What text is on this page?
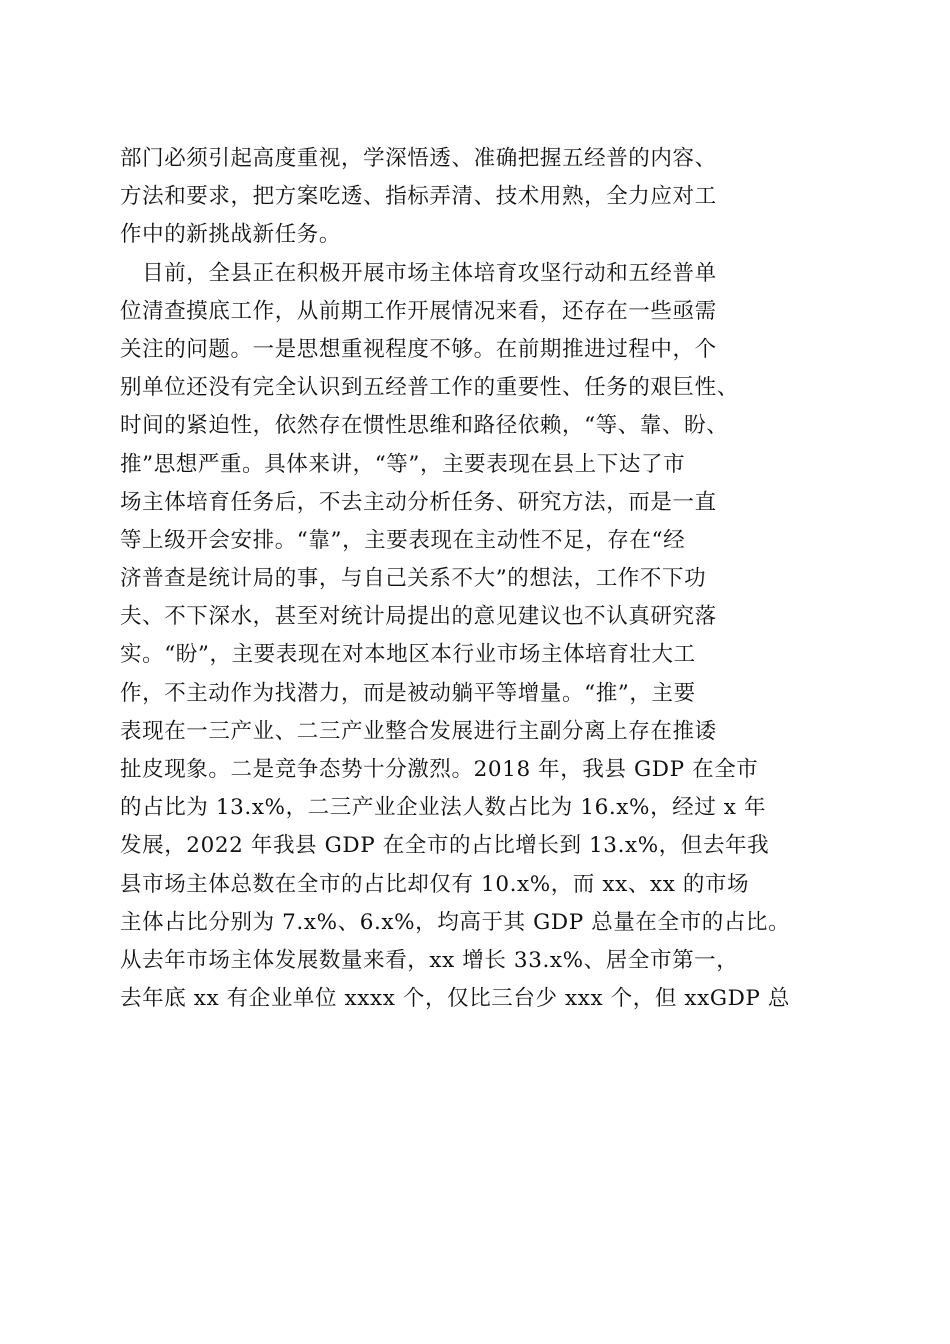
部门必须引起高度重视，学深悟透、准确把握五经普的内容、
方法和要求，把方案吃透、指标弄清、技术用熟，全力应对工
作中的新挑战新任务。
　目前，全县正在积极开展市场主体培育攻坚行动和五经普单
位清查摸底工作，从前期工作开展情况来看，还存在一些亟需
关注的问题。一是思想重视程度不够。在前期推进过程中，个
别单位还没有完全认识到五经普工作的重要性、任务的艰巨性、
时间的紧迫性，依然存在惯性思维和路径依赖，“等、靠、盼、
推”思想严重。具体来讲，“等”，主要表现在县上下达了市
场主体培育任务后，不去主动分析任务、研究方法，而是一直
等上级开会安排。“靠”，主要表现在主动性不足，存在“经
济普查是统计局的事，与自己关系不大”的想法，工作不下功
夫、不下深水，甚至对统计局提出的意见建议也不认真研究落
实。“盼”，主要表现在对本地区本行业市场主体培育壮大工
作，不主动作为找潜力，而是被动躺平等增量。“推”，主要
表现在一三产业、二三产业整合发展进行主副分离上存在推诿
扯皮现象。二是竞争态势十分激烈。2018 年，我县 GDP 在全市
的占比为 13.x%，二三产业企业法人数占比为 16.x%，经过 x 年
发展，2022 年我县 GDP 在全市的占比增长到 13.x%，但去年我
县市场主体总数在全市的占比却仅有 10.x%，而 xx、xx 的市场
主体占比分别为 7.x%、6.x%，均高于其 GDP 总量在全市的占比。
从去年市场主体发展数量来看，xx 增长 33.x%、居全市第一，
去年底 xx 有企业单位 xxxx 个，仅比三台少 xxx 个，但 xxGDP 总
